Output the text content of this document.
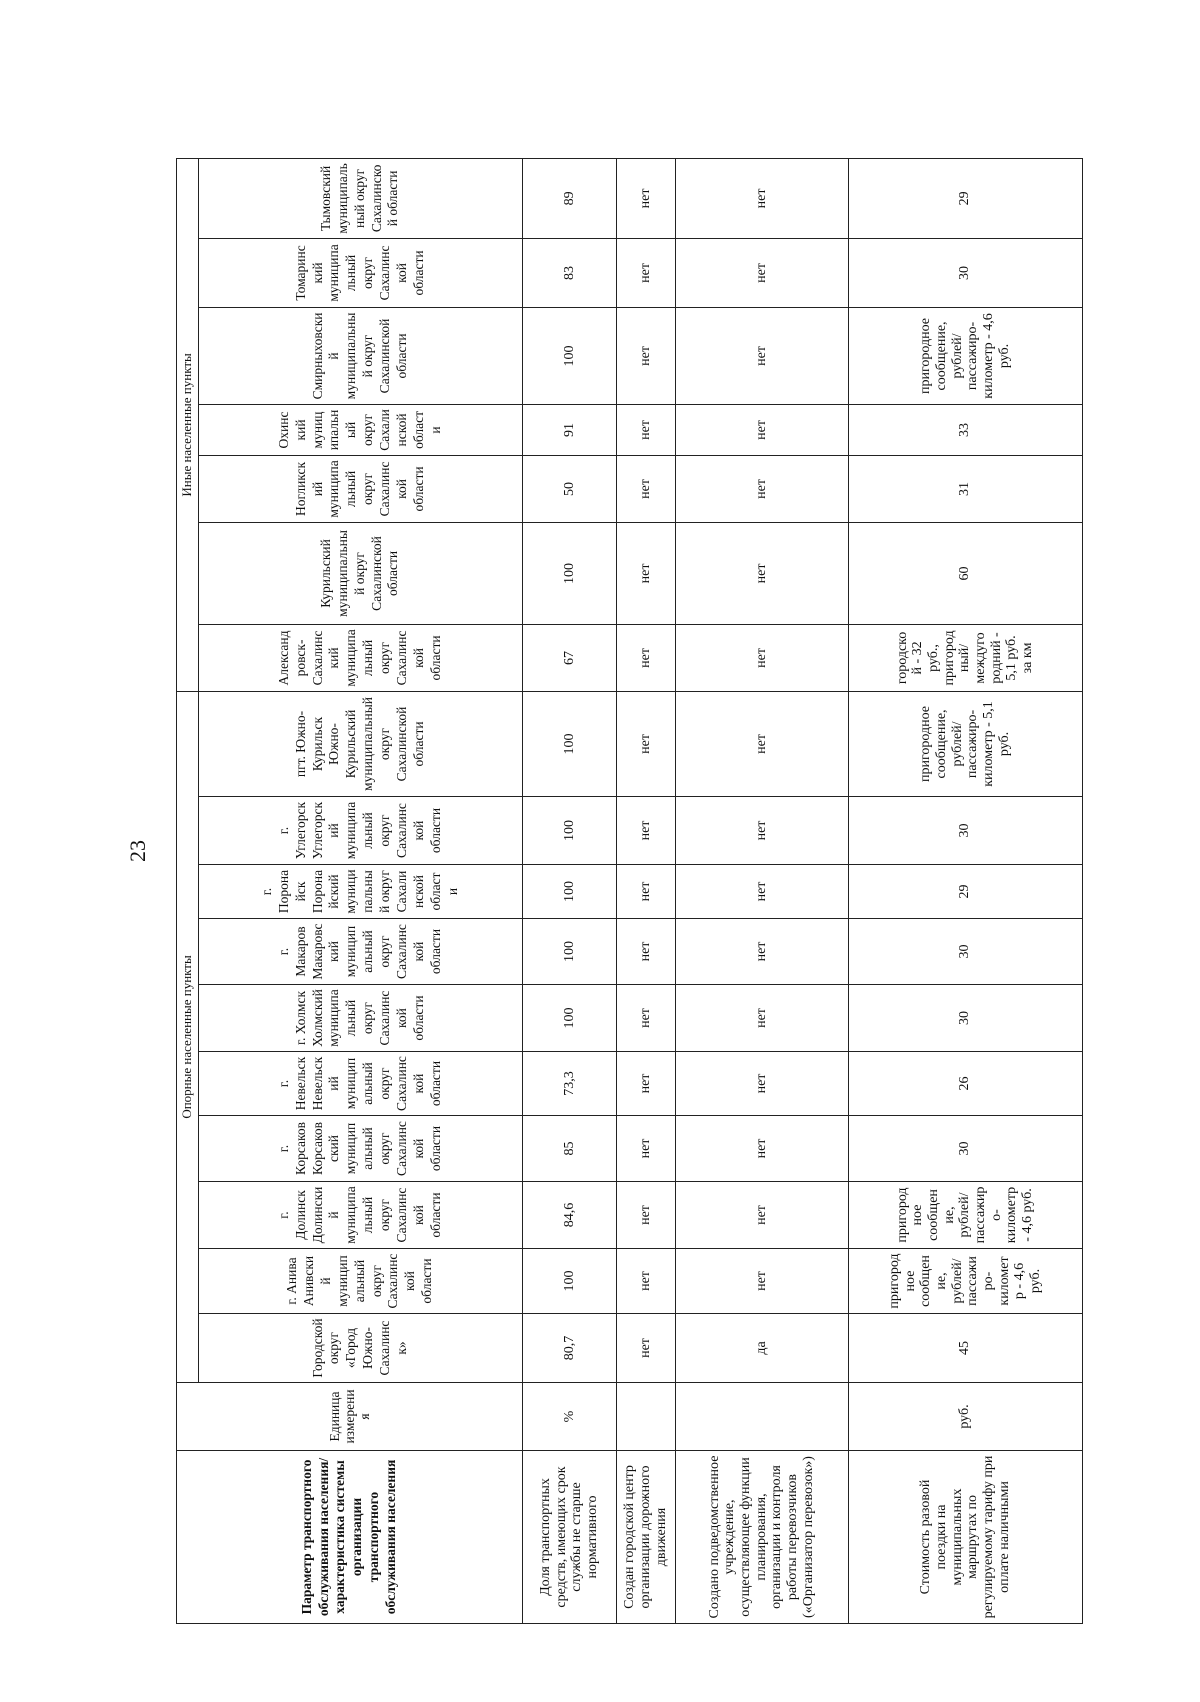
23
Параметр транспортного обслуживания населения/ характеристика системы организации транспортного обслуживания населения	Единица измерения	Опорные населенные пункты										Иные населенные пункты						
		Городской округ «Город Южно-Сахалинск»	г. Анива Анивский муниципальный округ Сахалинской области	г. Долинск Долинский муниципальный округ Сахалинской области	г. Корсаков Корсаковский муниципальный округ Сахалинской области	г. Невельск Невельский муниципальный округ Сахалинской области	г. Холмск Холмский муниципальный округ Сахалинской области	г. Макаров Макаровский муниципальный округ Сахалинской области	г. Поронайск Поронайский муниципальный округ Сахалинской области	г. Углегорск Углегорский муниципальный округ Сахалинской области	пгт. Южно-Курильск Южно-Курильский муниципальный округ Сахалинской области	Александровск-Сахалинский муниципальный округ Сахалинской области	Курильский муниципальный округ Сахалинской области	Ногликский муниципальный округ Сахалинской области	Охинский муниципальный округ Сахалинской области	Смирныховский муниципальный округ Сахалинской области	Томаринский муниципальный округ Сахалинской области	Тымовский муниципальный округ Сахалинской области
Доля транспортных средств, имеющих срок службы не старше нормативного	%	80,7	100	84,6	85	73,3	100	100	100	100	100	67	100	50	91	100	83	89
Создан городской центр организации дорожного движения		нет	нет	нет	нет	нет	нет	нет	нет	нет	нет	нет	нет	нет	нет	нет	нет	нет
Создано подведомственное учреждение, осуществляющее функции планирования, организации и контроля работы перевозчиков («Организатор перевозок»)		да	нет	нет	нет	нет	нет	нет	нет	нет	нет	нет	нет	нет	нет	нет	нет	нет
Стоимость разовой поездки на муниципальных маршрутах по регулируемому тарифу при оплате наличными	руб.	45	пригородное сообщение, рублей/ пассажиро-километр - 4,6 руб.	пригородное сообщение, рублей/ пассажиро-километр - 4,6 руб.	30	26	30	30	29	30	пригородное сообщение, рублей/ пассажиро-километр - 5,1 руб.	городской - 32 руб., пригородный/междугородний - 5,1 руб. за км	60	31	33	пригородное сообщение, рублей/ пассажиро-километр - 4,6 руб.	30	29
